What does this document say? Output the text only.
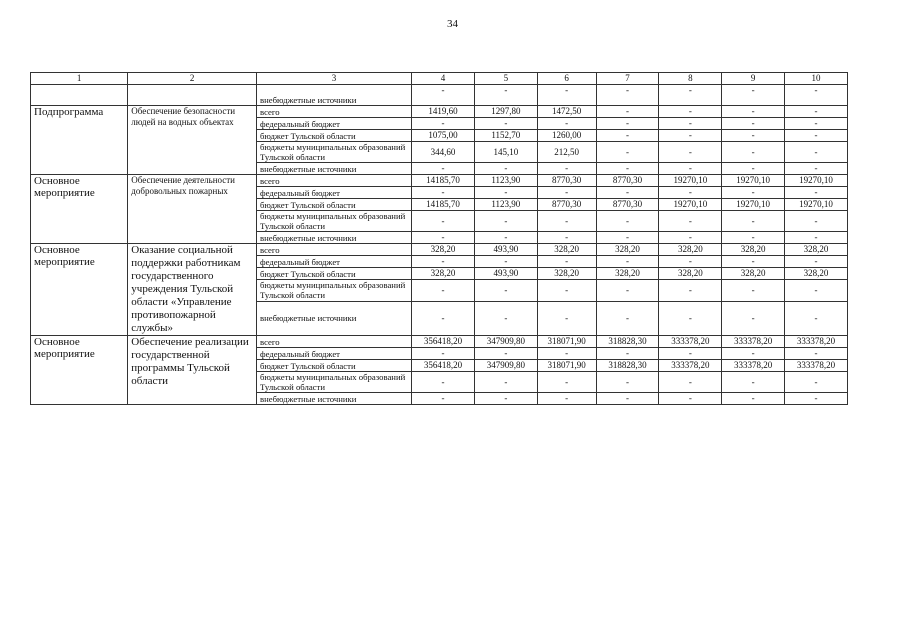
34
1	2	3	4	5	6	7	8	9	10
		внебюджетные источники	-	-	-	-	-	-	-
Подпрограмма	Обеспечение безопасности людей на водных объектах	всего	1419,60	1297,80	1472,50	-	-	-	-
		федеральный бюджет	-	-	-	-	-	-	-
		бюджет Тульской области	1075,00	1152,70	1260,00	-	-	-	-
		бюджеты муниципальных образований Тульской области	344,60	145,10	212,50	-	-	-	-
		внебюджетные источники	-	-	-	-	-	-	-
Основное мероприятие	Обеспечение деятельности добровольных пожарных	всего	14185,70	1123,90	8770,30	8770,30	19270,10	19270,10	19270,10
		федеральный бюджет	-	-	-	-	-	-	-
		бюджет Тульской области	14185,70	1123,90	8770,30	8770,30	19270,10	19270,10	19270,10
		бюджеты муниципальных образований Тульской области	-	-	-	-	-	-	-
		внебюджетные источники	-	-	-	-	-	-	-
Основное мероприятие	Оказание социальной поддержки работникам государственного учреждения Тульской области «Управление противопожарной службы»	всего	328,20	493,90	328,20	328,20	328,20	328,20	328,20
		федеральный бюджет	-	-	-	-	-	-	-
		бюджет Тульской области	328,20	493,90	328,20	328,20	328,20	328,20	328,20
		бюджеты муниципальных образований Тульской области	-	-	-	-	-	-	-
		внебюджетные источники	-	-	-	-	-	-	-
Основное мероприятие	Обеспечение реализации государственной программы Тульской области	всего	356418,20	347909,80	318071,90	318828,30	333378,20	333378,20	333378,20
		федеральный бюджет	-	-	-	-	-	-	-
		бюджет Тульской области	356418,20	347909,80	318071,90	318828,30	333378,20	333378,20	333378,20
		бюджеты муниципальных образований Тульской области	-	-	-	-	-	-	-
		внебюджетные источники	-	-	-	-	-	-	-
